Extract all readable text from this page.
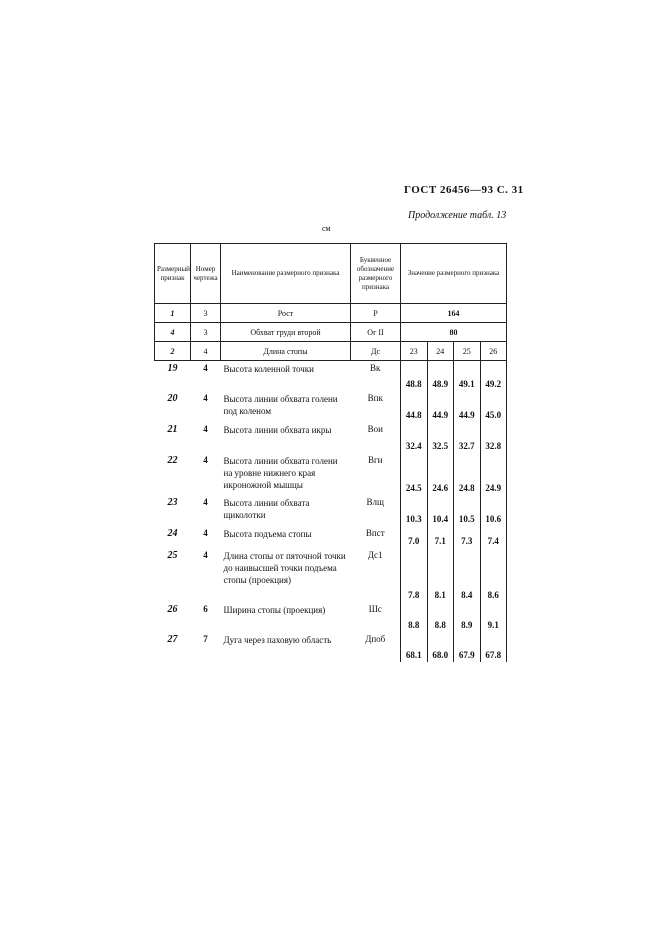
ГОСТ 26456—93 С. 31
Продолжение табл. 13
см
Размерный признак	Номер чертежа	Наименование размерного признака	Буквенное обозначение размерного признака	Значение размерного признака			
1	3	Рост	Р	164			
4	3	Обхват груди второй	Ог II	80			
2	4	Длина стопы	Дс	23	24	25	26
19	4	Высота коленной точки	Вк	48.8	48.9	49.1	49.2
20	4	Высота линии обхвата голени под коленом	Впк	44.8	44.9	44.9	45.0
21	4	Высота линии обхвата икры	Вои	32.4	32.5	32.7	32.8
22	4	Высота линии обхвата голени на уровне нижнего края икроножной мышцы	Вги	24.5	24.6	24.8	24.9
23	4	Высота линии обхвата щиколотки	Влщ	10.3	10.4	10.5	10.6
24	4	Высота подъема стопы	Впст	7.0	7.1	7.3	7.4
25	4	Длина стопы от пяточной точки до наивысшей точки подъема стопы (проекция)	Дс1	7.8	8.1	8.4	8.6
26	6	Ширина стопы (проекция)	Шс	8.8	8.8	8.9	9.1
27	7	Дуга через паховую область	Дпоб	68.1	68.0	67.9	67.8
